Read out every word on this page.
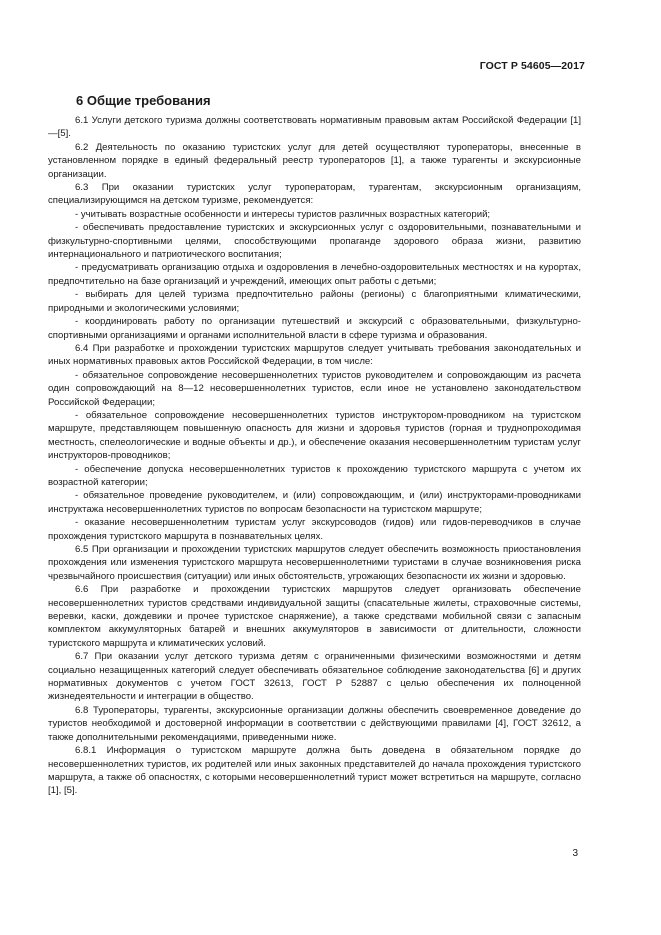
ГОСТ Р 54605—2017
6 Общие требования

6.1 Услуги детского туризма должны соответствовать нормативным правовым актам Российской Федерации [1]—[5].

6.2 Деятельность по оказанию туристских услуг для детей осуществляют туроператоры, внесенные в установленном порядке в единый федеральный реестр туроператоров [1], а также турагенты и экскурсионные организации.

6.3 При оказании туристских услуг туроператорам, турагентам, экскурсионным организациям, специализирующимся на детском туризме, рекомендуется:

- учитывать возрастные особенности и интересы туристов различных возрастных категорий;

- обеспечивать предоставление туристских и экскурсионных услуг с оздоровительными, познавательными и физкультурно-спортивными целями, способствующими пропаганде здорового образа жизни, развитию интернационального и патриотического воспитания;

- предусматривать организацию отдыха и оздоровления в лечебно-оздоровительных местностях и на курортах, предпочтительно на базе организаций и учреждений, имеющих опыт работы с детьми;

- выбирать для целей туризма предпочтительно районы (регионы) с благоприятными климатическими, природными и экологическими условиями;

- координировать работу по организации путешествий и экскурсий с образовательными, физкультурно-спортивными организациями и органами исполнительной власти в сфере туризма и образования.

6.4 При разработке и прохождении туристских маршрутов следует учитывать требования законодательных и иных нормативных правовых актов Российской Федерации, в том числе:

- обязательное сопровождение несовершеннолетних туристов руководителем и сопровождающим из расчета один сопровождающий на 8—12 несовершеннолетних туристов, если иное не установлено законодательством Российской Федерации;

- обязательное сопровождение несовершеннолетних туристов инструктором-проводником на туристском маршруте, представляющем повышенную опасность для жизни и здоровья туристов (горная и труднопроходимая местность, спелеологические и водные объекты и др.), и обеспечение оказания несовершеннолетним туристам услуг инструкторов-проводников;

- обеспечение допуска несовершеннолетних туристов к прохождению туристского маршрута с учетом их возрастной категории;

- обязательное проведение руководителем, и (или) сопровождающим, и (или) инструкторами-проводниками инструктажа несовершеннолетних туристов по вопросам безопасности на туристском маршруте;

- оказание несовершеннолетним туристам услуг экскурсоводов (гидов) или гидов-переводчиков в случае прохождения туристского маршрута в познавательных целях.

6.5 При организации и прохождении туристских маршрутов следует обеспечить возможность приостановления прохождения или изменения туристского маршрута несовершеннолетними туристами в случае возникновения риска чрезвычайного происшествия (ситуации) или иных обстоятельств, угрожающих безопасности их жизни и здоровью.

6.6 При разработке и прохождении туристских маршрутов следует организовать обеспечение несовершеннолетних туристов средствами индивидуальной защиты (спасательные жилеты, страховочные системы, веревки, каски, дождевики и прочее туристское снаряжение), а также средствами мобильной связи с запасным комплектом аккумуляторных батарей и внешних аккумуляторов в зависимости от длительности, сложности туристского маршрута и климатических условий.

6.7 При оказании услуг детского туризма детям с ограниченными физическими возможностями и детям социально незащищенных категорий следует обеспечивать обязательное соблюдение законодательства [6] и других нормативных документов с учетом ГОСТ 32613, ГОСТ Р 52887 с целью обеспечения их полноценной жизнедеятельности и интеграции в общество.

6.8 Туроператоры, турагенты, экскурсионные организации должны обеспечить своевременное доведение до туристов необходимой и достоверной информации в соответствии с действующими правилами [4], ГОСТ 32612, а также дополнительными рекомендациями, приведенными ниже.

6.8.1 Информация о туристском маршруте должна быть доведена в обязательном порядке до несовершеннолетних туристов, их родителей или иных законных представителей до начала прохождения туристского маршрута, а также об опасностях, с которыми несовершеннолетний турист может встретиться на маршруте, согласно [1], [5].

3
